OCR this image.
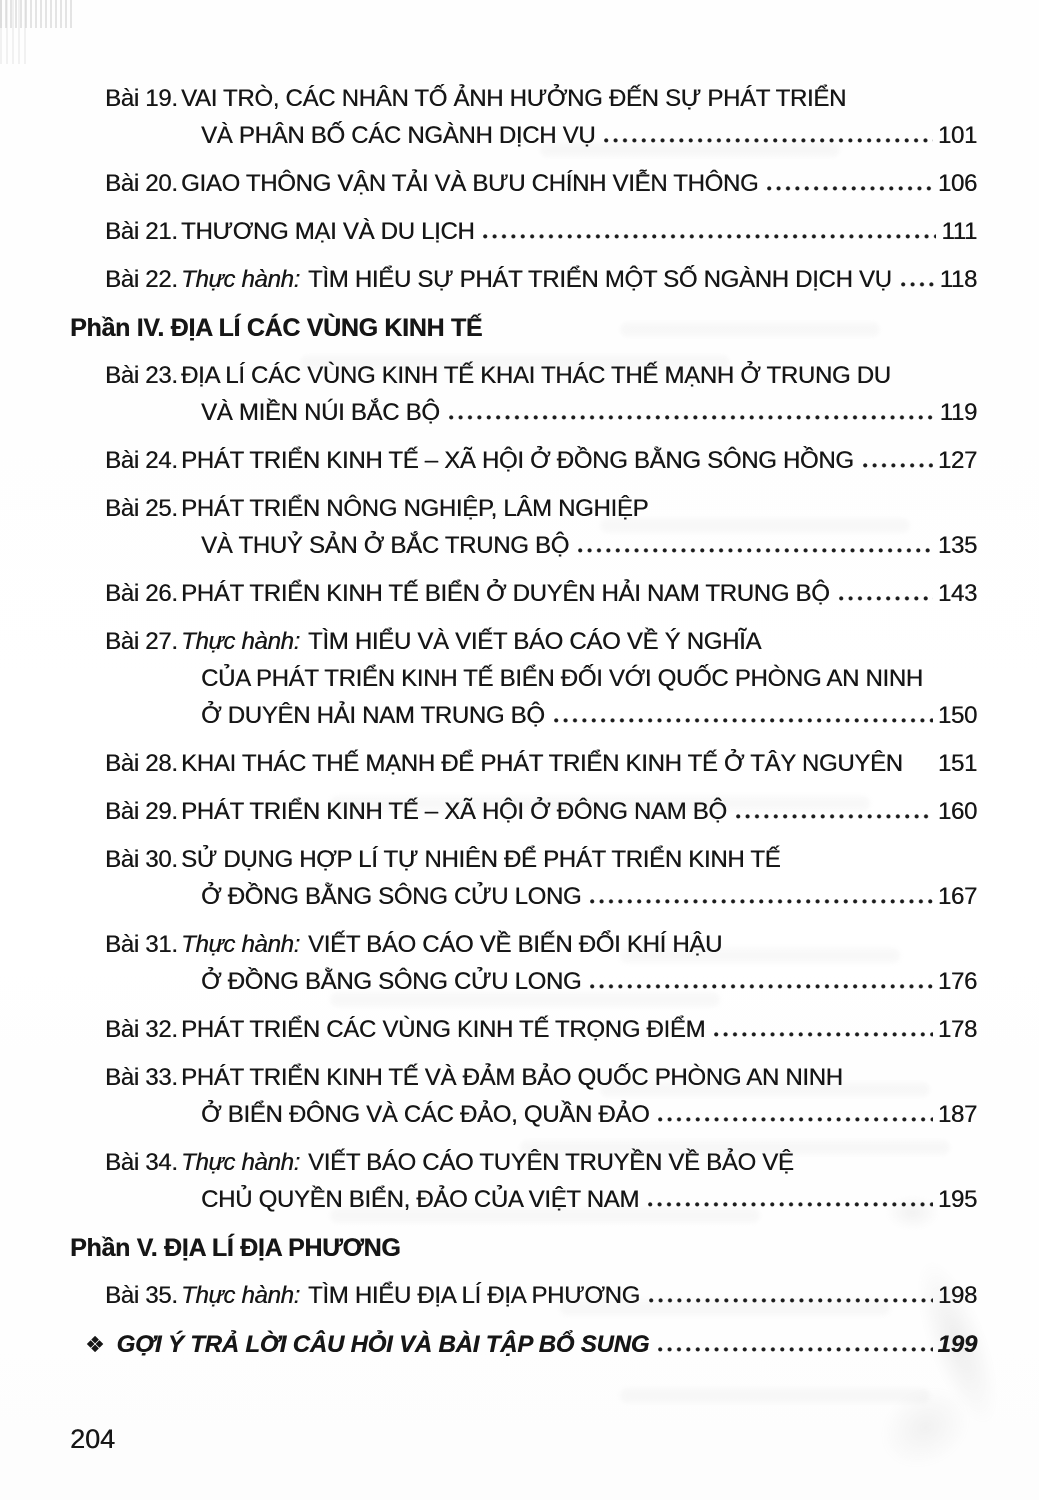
Bài 19. VAI TRÒ, CÁC NHÂN TỐ ẢNH HƯỞNG ĐẾN SỰ PHÁT TRIỂN
VÀ PHÂN BỐ CÁC NGÀNH DỊCH VỤ	101
Bài 20. GIAO THÔNG VẬN TẢI VÀ BƯU CHÍNH VIỄN THÔNG	106
Bài 21. THƯƠNG MẠI VÀ DU LỊCH	111
Bài 22. Thực hành: TÌM HIỂU SỰ PHÁT TRIỂN MỘT SỐ NGÀNH DỊCH VỤ 118
Phần IV. ĐỊA LÍ CÁC VÙNG KINH TẾ
Bài 23. ĐỊA LÍ CÁC VÙNG KINH TẾ KHAI THÁC THẾ MẠNH Ở TRUNG DU
VÀ MIỀN NÚI BẮC BỘ	119
Bài 24. PHÁT TRIỂN KINH TẾ – XÃ HỘI Ở ĐỒNG BẰNG SÔNG HỒNG	127
Bài 25. PHÁT TRIỂN NÔNG NGHIỆP, LÂM NGHIỆP
VÀ THUỶ SẢN Ở BẮC TRUNG BỘ	135
Bài 26. PHÁT TRIỂN KINH TẾ BIỂN Ở DUYÊN HẢI NAM TRUNG BỘ	143
Bài 27. Thực hành: TÌM HIỂU VÀ VIẾT BÁO CÁO VỀ Ý NGHĨA
CỦA PHÁT TRIỂN KINH TẾ BIỂN ĐỐI VỚI QUỐC PHÒNG AN NINH
Ở DUYÊN HẢI NAM TRUNG BỘ	150
Bài 28. KHAI THÁC THẾ MẠNH ĐỂ PHÁT TRIỂN KINH TẾ Ở TÂY NGUYÊN 151
Bài 29. PHÁT TRIỂN KINH TẾ – XÃ HỘI Ở ĐÔNG NAM BỘ	160
Bài 30. SỬ DỤNG HỢP LÍ TỰ NHIÊN ĐỂ PHÁT TRIỂN KINH TẾ
Ở ĐỒNG BẰNG SÔNG CỬU LONG	167
Bài 31. Thực hành: VIẾT BÁO CÁO VỀ BIẾN ĐỔI KHÍ HẬU
Ở ĐỒNG BẰNG SÔNG CỬU LONG	176
Bài 32. PHÁT TRIỂN CÁC VÙNG KINH TẾ TRỌNG ĐIỂM	178
Bài 33. PHÁT TRIỂN KINH TẾ VÀ ĐẢM BẢO QUỐC PHÒNG AN NINH
Ở BIỂN ĐÔNG VÀ CÁC ĐẢO, QUẦN ĐẢO	187
Bài 34. Thực hành: VIẾT BÁO CÁO TUYÊN TRUYỀN VỀ BẢO VỆ
CHỦ QUYỀN BIỂN, ĐẢO CỦA VIỆT NAM	195
Phần V. ĐỊA LÍ ĐỊA PHƯƠNG
Bài 35. Thực hành: TÌM HIỂU ĐỊA LÍ ĐỊA PHƯƠNG	198
❖ GỢI Ý TRẢ LỜI CÂU HỎI VÀ BÀI TẬP BỔ SUNG	199
204
